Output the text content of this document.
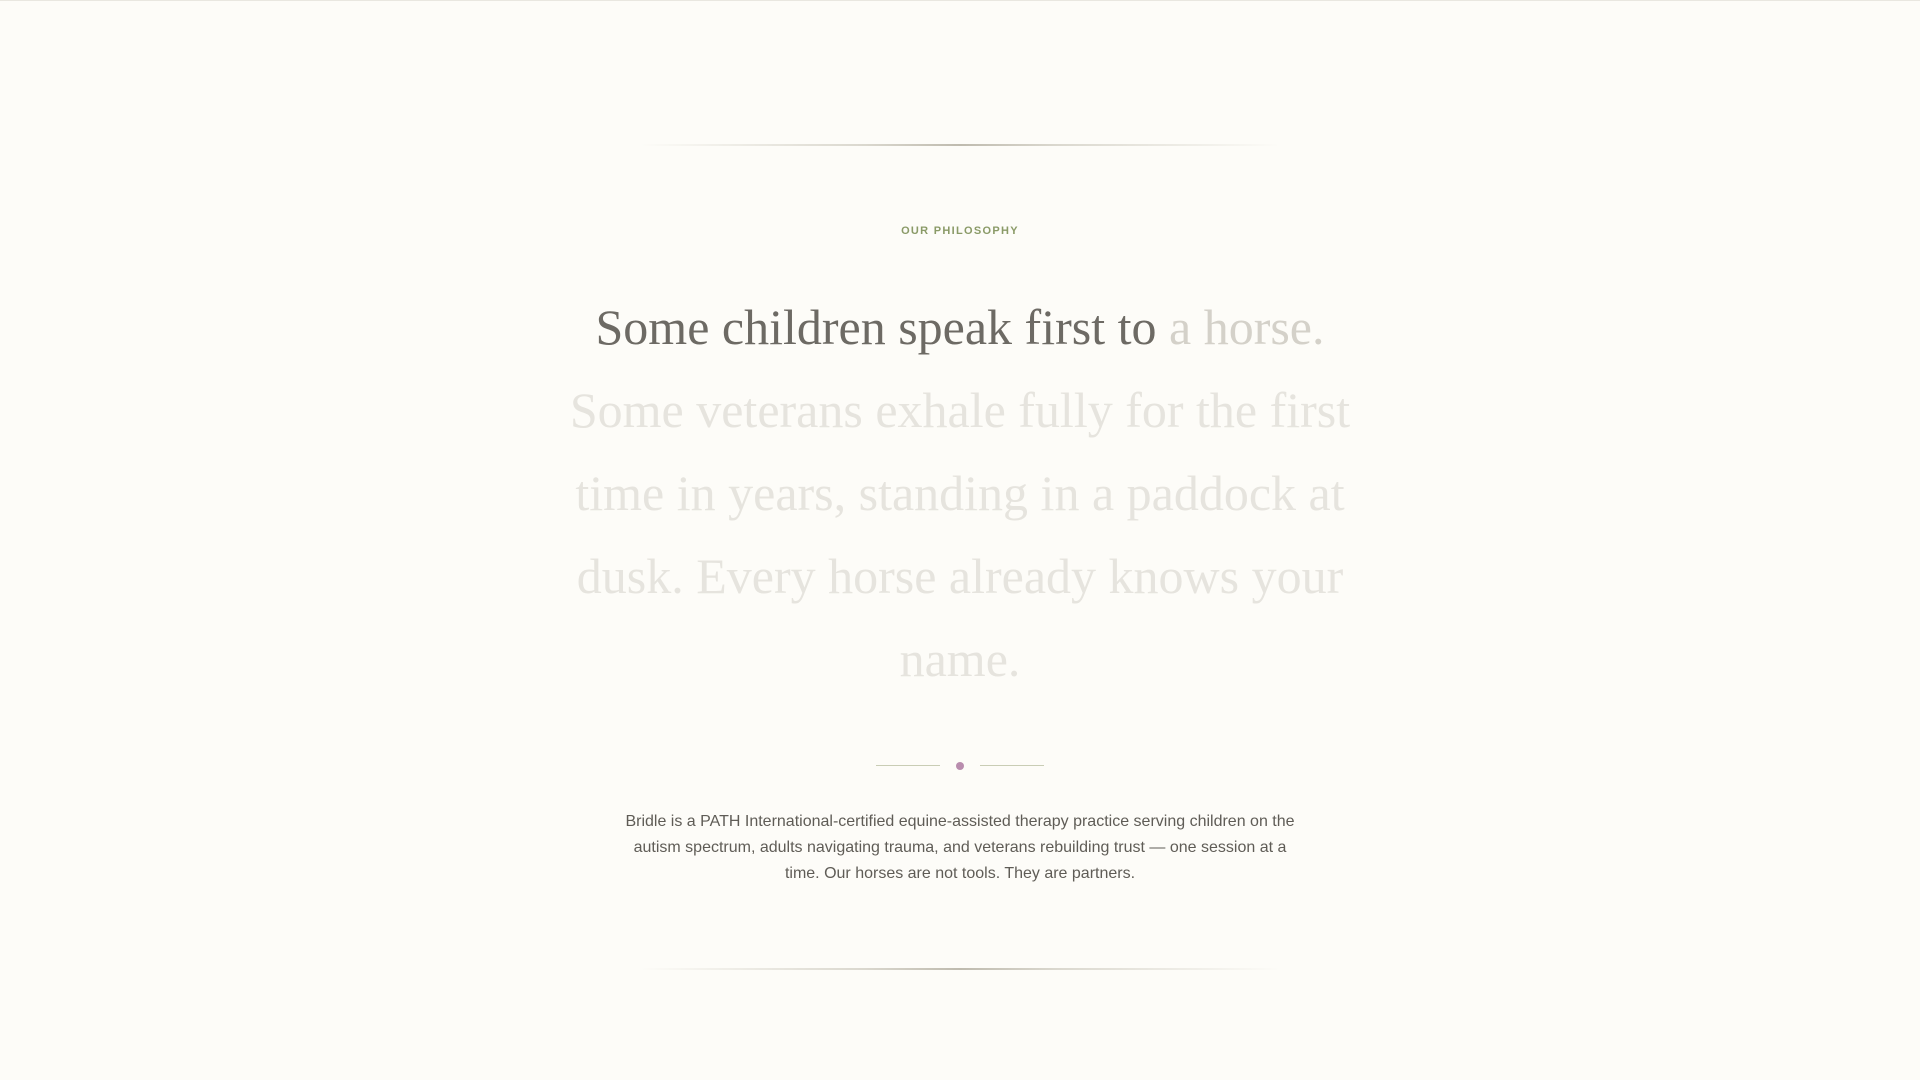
OUR PHILOSOPHY
Some children speak first to a horse. Some veterans exhale fully for the first time in years, standing in a paddock at dusk. Every horse already knows your name.

Bridle is a PATH International-certified equine-assisted therapy practice serving children on the autism spectrum, adults navigating trauma, and veterans rebuilding trust — one session at a time. Our horses are not tools. They are partners.
